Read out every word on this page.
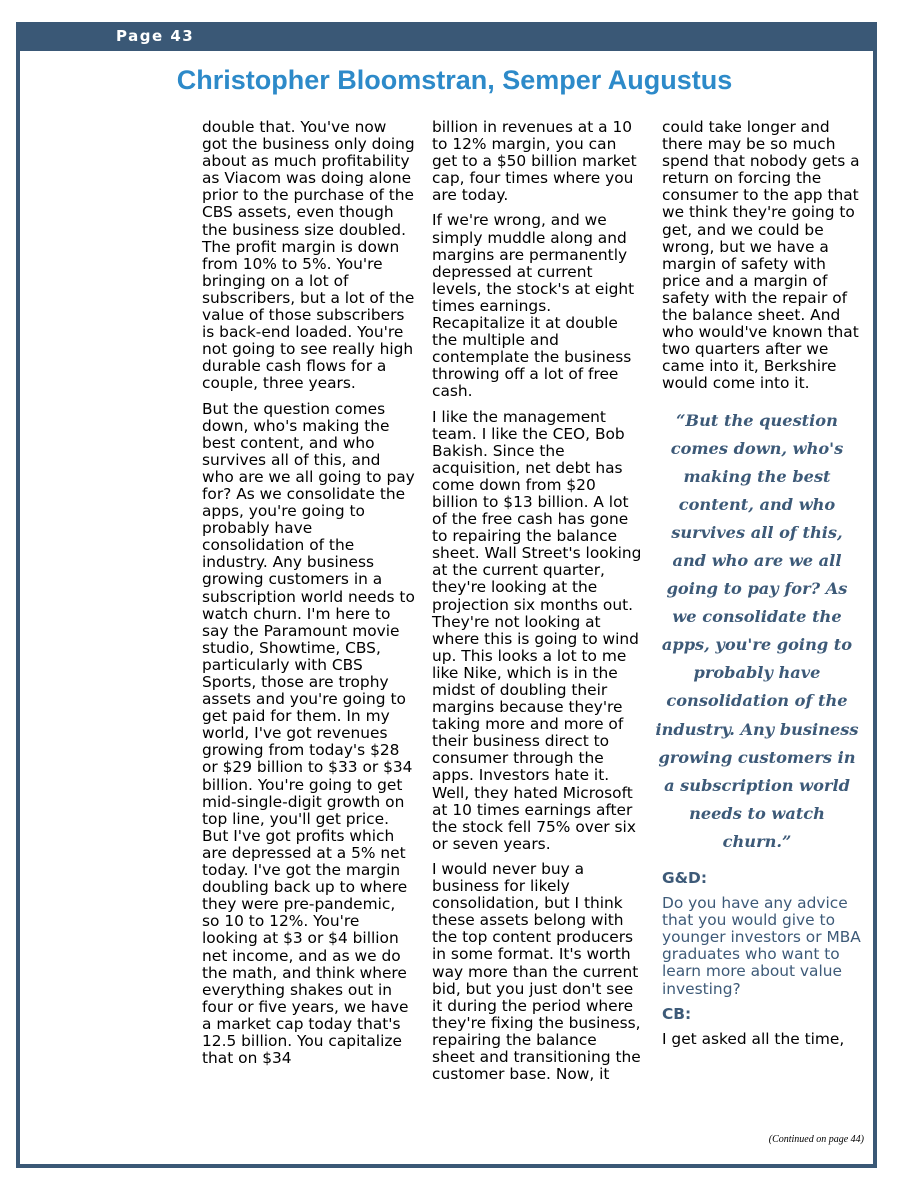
Page 43
Christopher Bloomstran, Semper Augustus

double that. You've now got the business only doing about as much profitability as Viacom was doing alone prior to the purchase of the CBS assets, even though the business size doubled. The profit margin is down from 10% to 5%. You're bringing on a lot of subscribers, but a lot of the value of those subscribers is back-end loaded. You're not going to see really high durable cash flows for a couple, three years.

But the question comes down, who's making the best content, and who survives all of this, and who are we all going to pay for? As we consolidate the apps, you're going to probably have consolidation of the industry. Any business growing customers in a subscription world needs to watch churn. I'm here to say the Paramount movie studio, Showtime, CBS, particularly with CBS Sports, those are trophy assets and you're going to get paid for them. In my world, I've got revenues growing from today's $28 or $29 billion to $33 or $34 billion. You're going to get mid-single-digit growth on top line, you'll get price. But I've got profits which are depressed at a 5% net today. I've got the margin doubling back up to where they were pre-pandemic, so 10 to 12%. You're looking at $3 or $4 billion net income, and as we do the math, and think where everything shakes out in four or five years, we have a market cap today that's 12.5 billion. You capitalize that on $34

billion in revenues at a 10 to 12% margin, you can get to a $50 billion market cap, four times where you are today.

If we're wrong, and we simply muddle along and margins are permanently depressed at current levels, the stock's at eight times earnings. Recapitalize it at double the multiple and contemplate the business throwing off a lot of free cash.

I like the management team. I like the CEO, Bob Bakish. Since the acquisition, net debt has come down from $20 billion to $13 billion. A lot of the free cash has gone to repairing the balance sheet. Wall Street's looking at the current quarter, they're looking at the projection six months out. They're not looking at where this is going to wind up. This looks a lot to me like Nike, which is in the midst of doubling their margins because they're taking more and more of their business direct to consumer through the apps. Investors hate it. Well, they hated Microsoft at 10 times earnings after the stock fell 75% over six or seven years.

I would never buy a business for likely consolidation, but I think these assets belong with the top content producers in some format. It's worth way more than the current bid, but you just don't see it during the period where they're fixing the business, repairing the balance sheet and transitioning the customer base. Now, it

could take longer and there may be so much spend that nobody gets a return on forcing the consumer to the app that we think they're going to get, and we could be wrong, but we have a margin of safety with price and a margin of safety with the repair of the balance sheet. And who would've known that two quarters after we came into it, Berkshire would come into it.

“But the question comes down, who's making the best content, and who survives all of this, and who are we all going to pay for? As we consolidate the apps, you're going to probably have consolidation of the industry. Any business growing customers in a subscription world needs to watch churn.”

G&D:

Do you have any advice that you would give to younger investors or MBA graduates who want to learn more about value investing?

CB:

I get asked all the time,

(Continued on page 44)
